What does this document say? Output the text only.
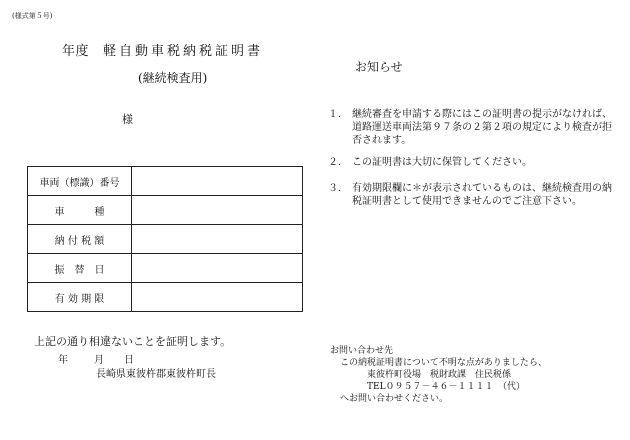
(様式第５号)
年度 軽自動車税納税証明書
(継続検査用)
様
車両（標識）番号	
車　　　種	
納 付 税 額	
振　替　日	
有 効 期 限	
上記の通り相違ないことを証明します。
年	月 日
長崎県東彼杵郡東彼杵町長
お知らせ
１． 継続審査を申請する際にはこの証明書の提示がなければ、道路運送車両法第９７条の２第２項の規定により検査が拒否されます。
２． この証明書は大切に保管してください。
３． 有効期限欄に＊が表示されているものは、継続検査用の納税証明書として使用できませんのでご注意下さい。
お問い合わせ先
この納税証明書について不明な点がありましたら、
東彼杵町役場　税財政課　住民税係
TEL０９５７－４６－１１１１　（代）
へお問い合わせください。
